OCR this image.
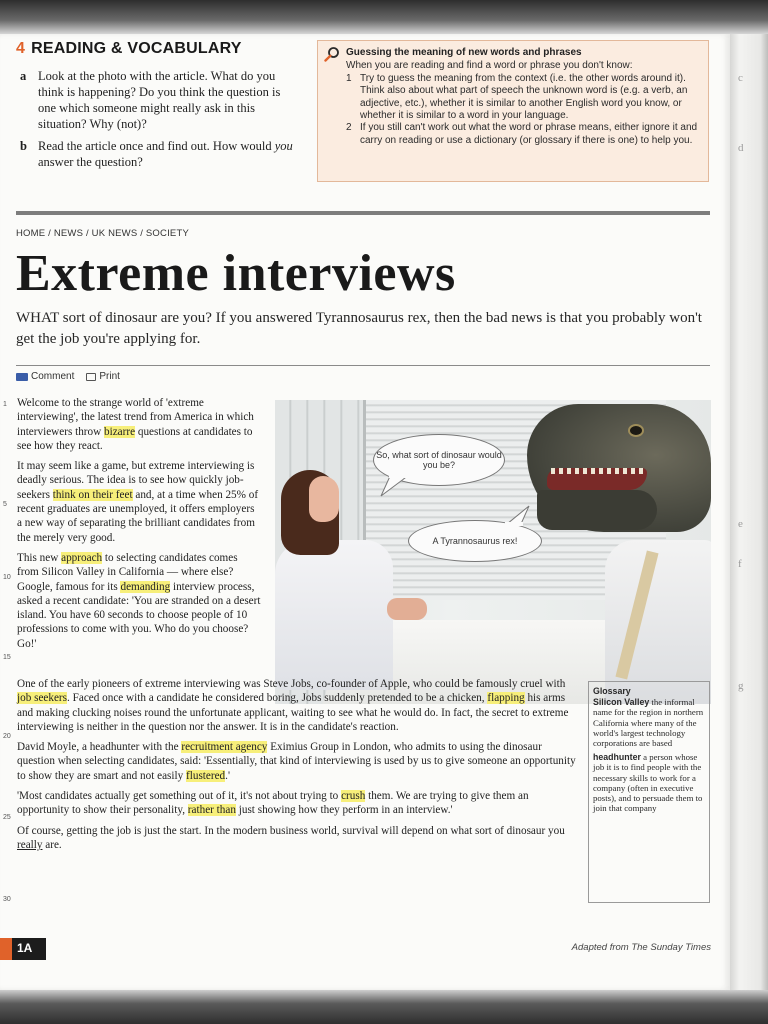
c
d
e
f
g
4 READING & VOCABULARY
a Look at the photo with the article. What do you think is happening? Do you think the question is one which someone might really ask in this situation? Why (not)?
b Read the article once and find out. How would you answer the question?
Guessing the meaning of new words and phrases
When you are reading and find a word or phrase you don't know:
1 Try to guess the meaning from the context (i.e. the other words around it). Think also about what part of speech the unknown word is (e.g. a verb, an adjective, etc.), whether it is similar to another English word you know, or whether it is similar to a word in your language.
2 If you still can't work out what the word or phrase means, either ignore it and carry on reading or use a dictionary (or glossary if there is one) to help you.
HOME / NEWS / UK NEWS / SOCIETY
Extreme interviews
WHAT sort of dinosaur are you? If you answered Tyrannosaurus rex, then the bad news is that you probably won't get the job you're applying for.
Comment	Print
1
5
10
15
20
25
30

Welcome to the strange world of 'extreme interviewing', the latest trend from America in which interviewers throw bizarre questions at candidates to see how they react.

It may seem like a game, but extreme interviewing is deadly serious. The idea is to see how quickly job-seekers think on their feet and, at a time when 25% of recent graduates are unemployed, it offers employers a new way of separating the brilliant candidates from the merely very good.

This new approach to selecting candidates comes from Silicon Valley in California — where else? Google, famous for its demanding interview process, asked a recent candidate: 'You are stranded on a desert island. You have 60 seconds to choose people of 10 professions to come with you. Who do you choose? Go!'

So, what sort of dinosaur would you be?
A Tyrannosaurus rex!

One of the early pioneers of extreme interviewing was Steve Jobs, co-founder of Apple, who could be famously cruel with job seekers. Faced once with a candidate he considered boring, Jobs suddenly pretended to be a chicken, flapping his arms and making clucking noises round the unfortunate applicant, waiting to see what he would do. In fact, the secret to extreme interviewing is neither in the question nor the answer. It is in the candidate's reaction.

David Moyle, a headhunter with the recruitment agency Eximius Group in London, who admits to using the dinosaur question when selecting candidates, said: 'Essentially, that kind of interviewing is used by us to give someone an opportunity to show they are smart and not easily flustered.'

'Most candidates actually get something out of it, it's not about trying to crush them. We are trying to give them an opportunity to show their personality, rather than just showing how they perform in an interview.'

Of course, getting the job is just the start. In the modern business world, survival will depend on what sort of dinosaur you really are.

Glossary

Silicon Valley the informal name for the region in northern California where many of the world's largest technology corporations are based

headhunter a person whose job it is to find people with the necessary skills to work for a company (often in executive posts), and to persuade them to join that company

1A	Adapted from The Sunday Times
